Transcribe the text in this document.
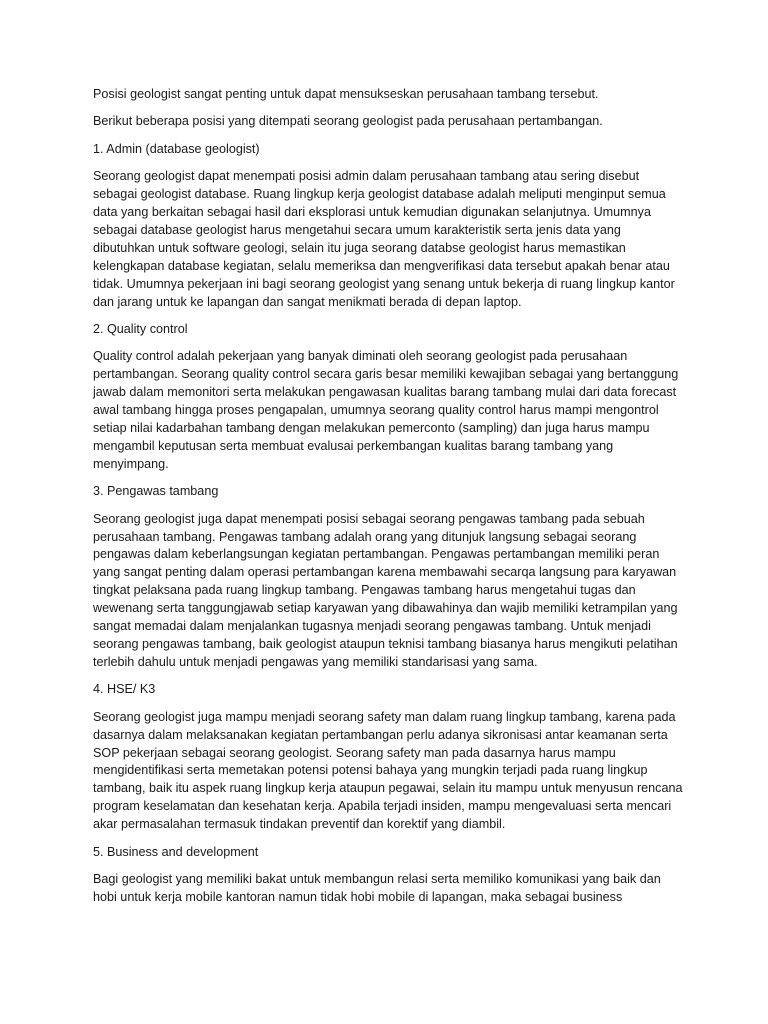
Posisi geologist sangat penting untuk dapat mensukseskan perusahaan tambang tersebut.

Berikut beberapa posisi yang ditempati seorang geologist pada perusahaan pertambangan.

1. Admin (database geologist)

Seorang geologist dapat menempati posisi admin dalam perusahaan tambang atau sering disebut sebagai geologist database. Ruang lingkup kerja geologist database adalah meliputi menginput semua data yang berkaitan sebagai hasil dari eksplorasi untuk kemudian digunakan selanjutnya. Umumnya sebagai database geologist harus mengetahui secara umum karakteristik serta jenis data yang dibutuhkan untuk software geologi, selain itu juga seorang databse geologist harus memastikan kelengkapan database kegiatan, selalu memeriksa dan mengverifikasi data tersebut apakah benar atau tidak. Umumnya pekerjaan ini bagi seorang geologist yang senang untuk bekerja di ruang lingkup kantor dan jarang untuk ke lapangan dan sangat menikmati berada di depan laptop.

2. Quality control

Quality control adalah pekerjaan yang banyak diminati oleh seorang geologist pada perusahaan pertambangan. Seorang quality control secara garis besar memiliki kewajiban sebagai yang bertanggung jawab dalam memonitori serta melakukan pengawasan kualitas barang tambang mulai dari data forecast awal tambang hingga proses pengapalan, umumnya seorang quality control harus mampi mengontrol setiap nilai kadarbahan tambang dengan melakukan pemerconto (sampling) dan juga harus mampu mengambil keputusan serta membuat evalusai perkembangan kualitas barang tambang yang menyimpang.

3. Pengawas tambang

Seorang geologist juga dapat menempati posisi sebagai seorang pengawas tambang pada sebuah perusahaan tambang. Pengawas tambang adalah orang yang ditunjuk langsung sebagai seorang pengawas dalam keberlangsungan kegiatan pertambangan. Pengawas pertambangan memiliki peran yang sangat penting dalam operasi pertambangan karena membawahi secarqa langsung para karyawan tingkat pelaksana pada ruang lingkup tambang. Pengawas tambang harus mengetahui tugas dan wewenang serta tanggungjawab setiap karyawan yang dibawahinya dan wajib memiliki ketrampilan yang sangat memadai dalam menjalankan tugasnya menjadi seorang pengawas tambang. Untuk menjadi seorang pengawas tambang, baik geologist ataupun teknisi tambang biasanya harus mengikuti pelatihan terlebih dahulu untuk menjadi pengawas yang memiliki standarisasi yang sama.

4. HSE/ K3

Seorang geologist juga mampu menjadi seorang safety man dalam ruang lingkup tambang, karena pada dasarnya dalam melaksanakan kegiatan pertambangan perlu adanya sikronisasi antar keamanan serta SOP pekerjaan sebagai seorang geologist. Seorang safety man pada dasarnya harus mampu mengidentifikasi serta memetakan potensi potensi bahaya yang mungkin terjadi pada ruang lingkup tambang, baik itu aspek ruang lingkup kerja ataupun pegawai, selain itu mampu untuk menyusun rencana program keselamatan dan kesehatan kerja. Apabila terjadi insiden, mampu mengevaluasi serta mencari akar permasalahan termasuk tindakan preventif dan korektif yang diambil.

5. Business and development

Bagi geologist yang memiliki bakat untuk membangun relasi serta memiliko komunikasi yang baik dan hobi untuk kerja mobile kantoran namun tidak hobi mobile di lapangan, maka sebagai business
